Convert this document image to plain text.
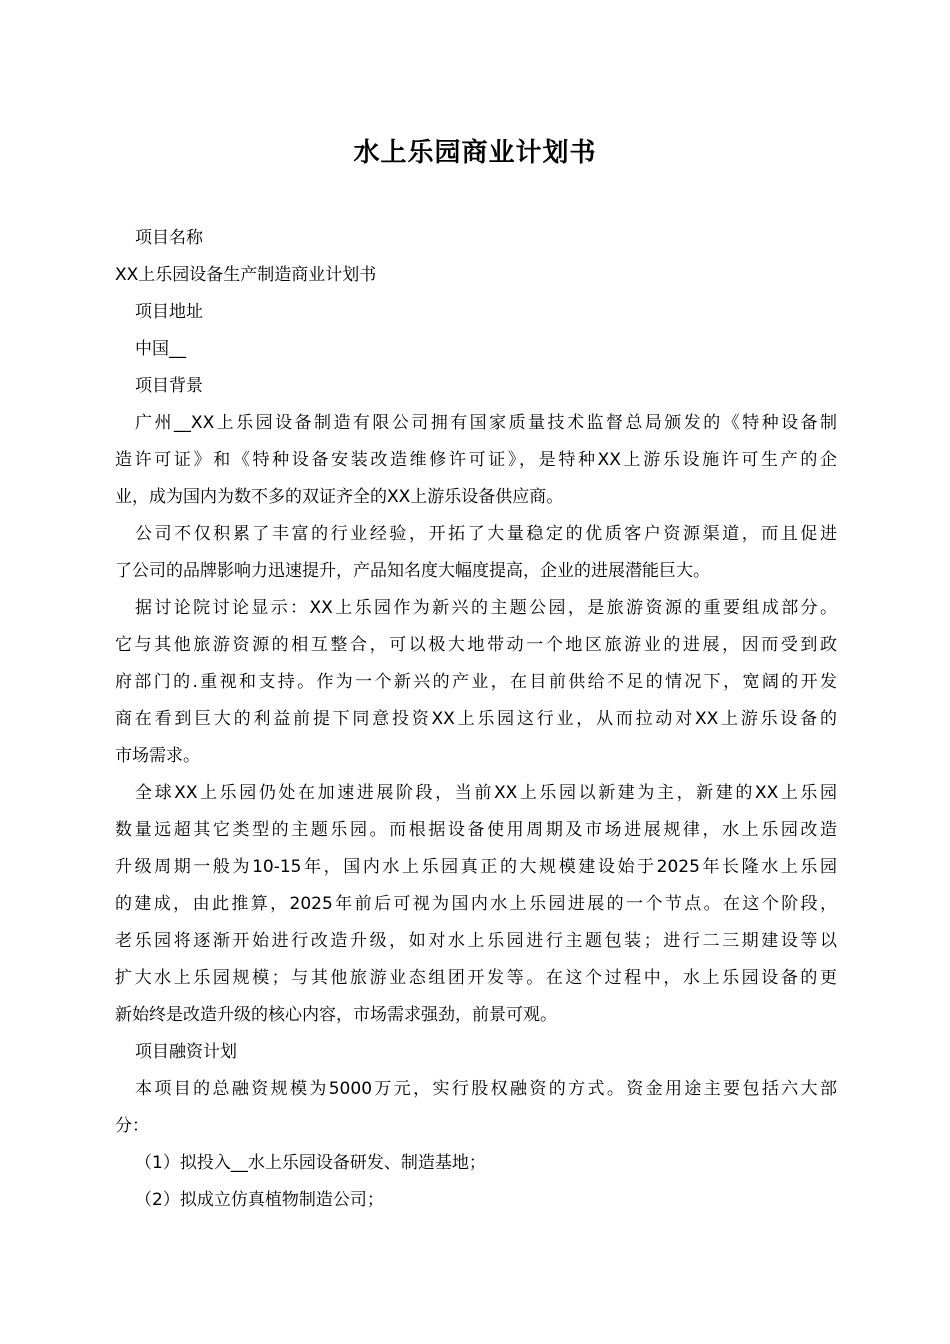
水上乐园商业计划书

项目名称

XX上乐园设备生产制造商业计划书

项目地址

中国__

项目背景

广州__XX上乐园设备制造有限公司拥有国家质量技术监督总局颁发的《特种设备制

造许可证》和《特种设备安装改造维修许可证》，是特种XX上游乐设施许可生产的企

业，成为国内为数不多的双证齐全的XX上游乐设备供应商。

公司不仅积累了丰富的行业经验，开拓了大量稳定的优质客户资源渠道，而且促进

了公司的品牌影响力迅速提升，产品知名度大幅度提高，企业的进展潜能巨大。

据讨论院讨论显示：XX上乐园作为新兴的主题公园，是旅游资源的重要组成部分。

它与其他旅游资源的相互整合，可以极大地带动一个地区旅游业的进展，因而受到政

府部门的.重视和支持。作为一个新兴的产业，在目前供给不足的情况下，宽阔的开发

商在看到巨大的利益前提下同意投资XX上乐园这行业，从而拉动对XX上游乐设备的

市场需求。

全球XX上乐园仍处在加速进展阶段，当前XX上乐园以新建为主，新建的XX上乐园

数量远超其它类型的主题乐园。而根据设备使用周期及市场进展规律，水上乐园改造

升级周期一般为10-15年，国内水上乐园真正的大规模建设始于2025年长隆水上乐园

的建成，由此推算，2025年前后可视为国内水上乐园进展的一个节点。在这个阶段，

老乐园将逐渐开始进行改造升级，如对水上乐园进行主题包装；进行二三期建设等以

扩大水上乐园规模；与其他旅游业态组团开发等。在这个过程中，水上乐园设备的更

新始终是改造升级的核心内容，市场需求强劲，前景可观。

项目融资计划

本项目的总融资规模为5000万元，实行股权融资的方式。资金用途主要包括六大部

分：

（1）拟投入__水上乐园设备研发、制造基地；

（2）拟成立仿真植物制造公司；
